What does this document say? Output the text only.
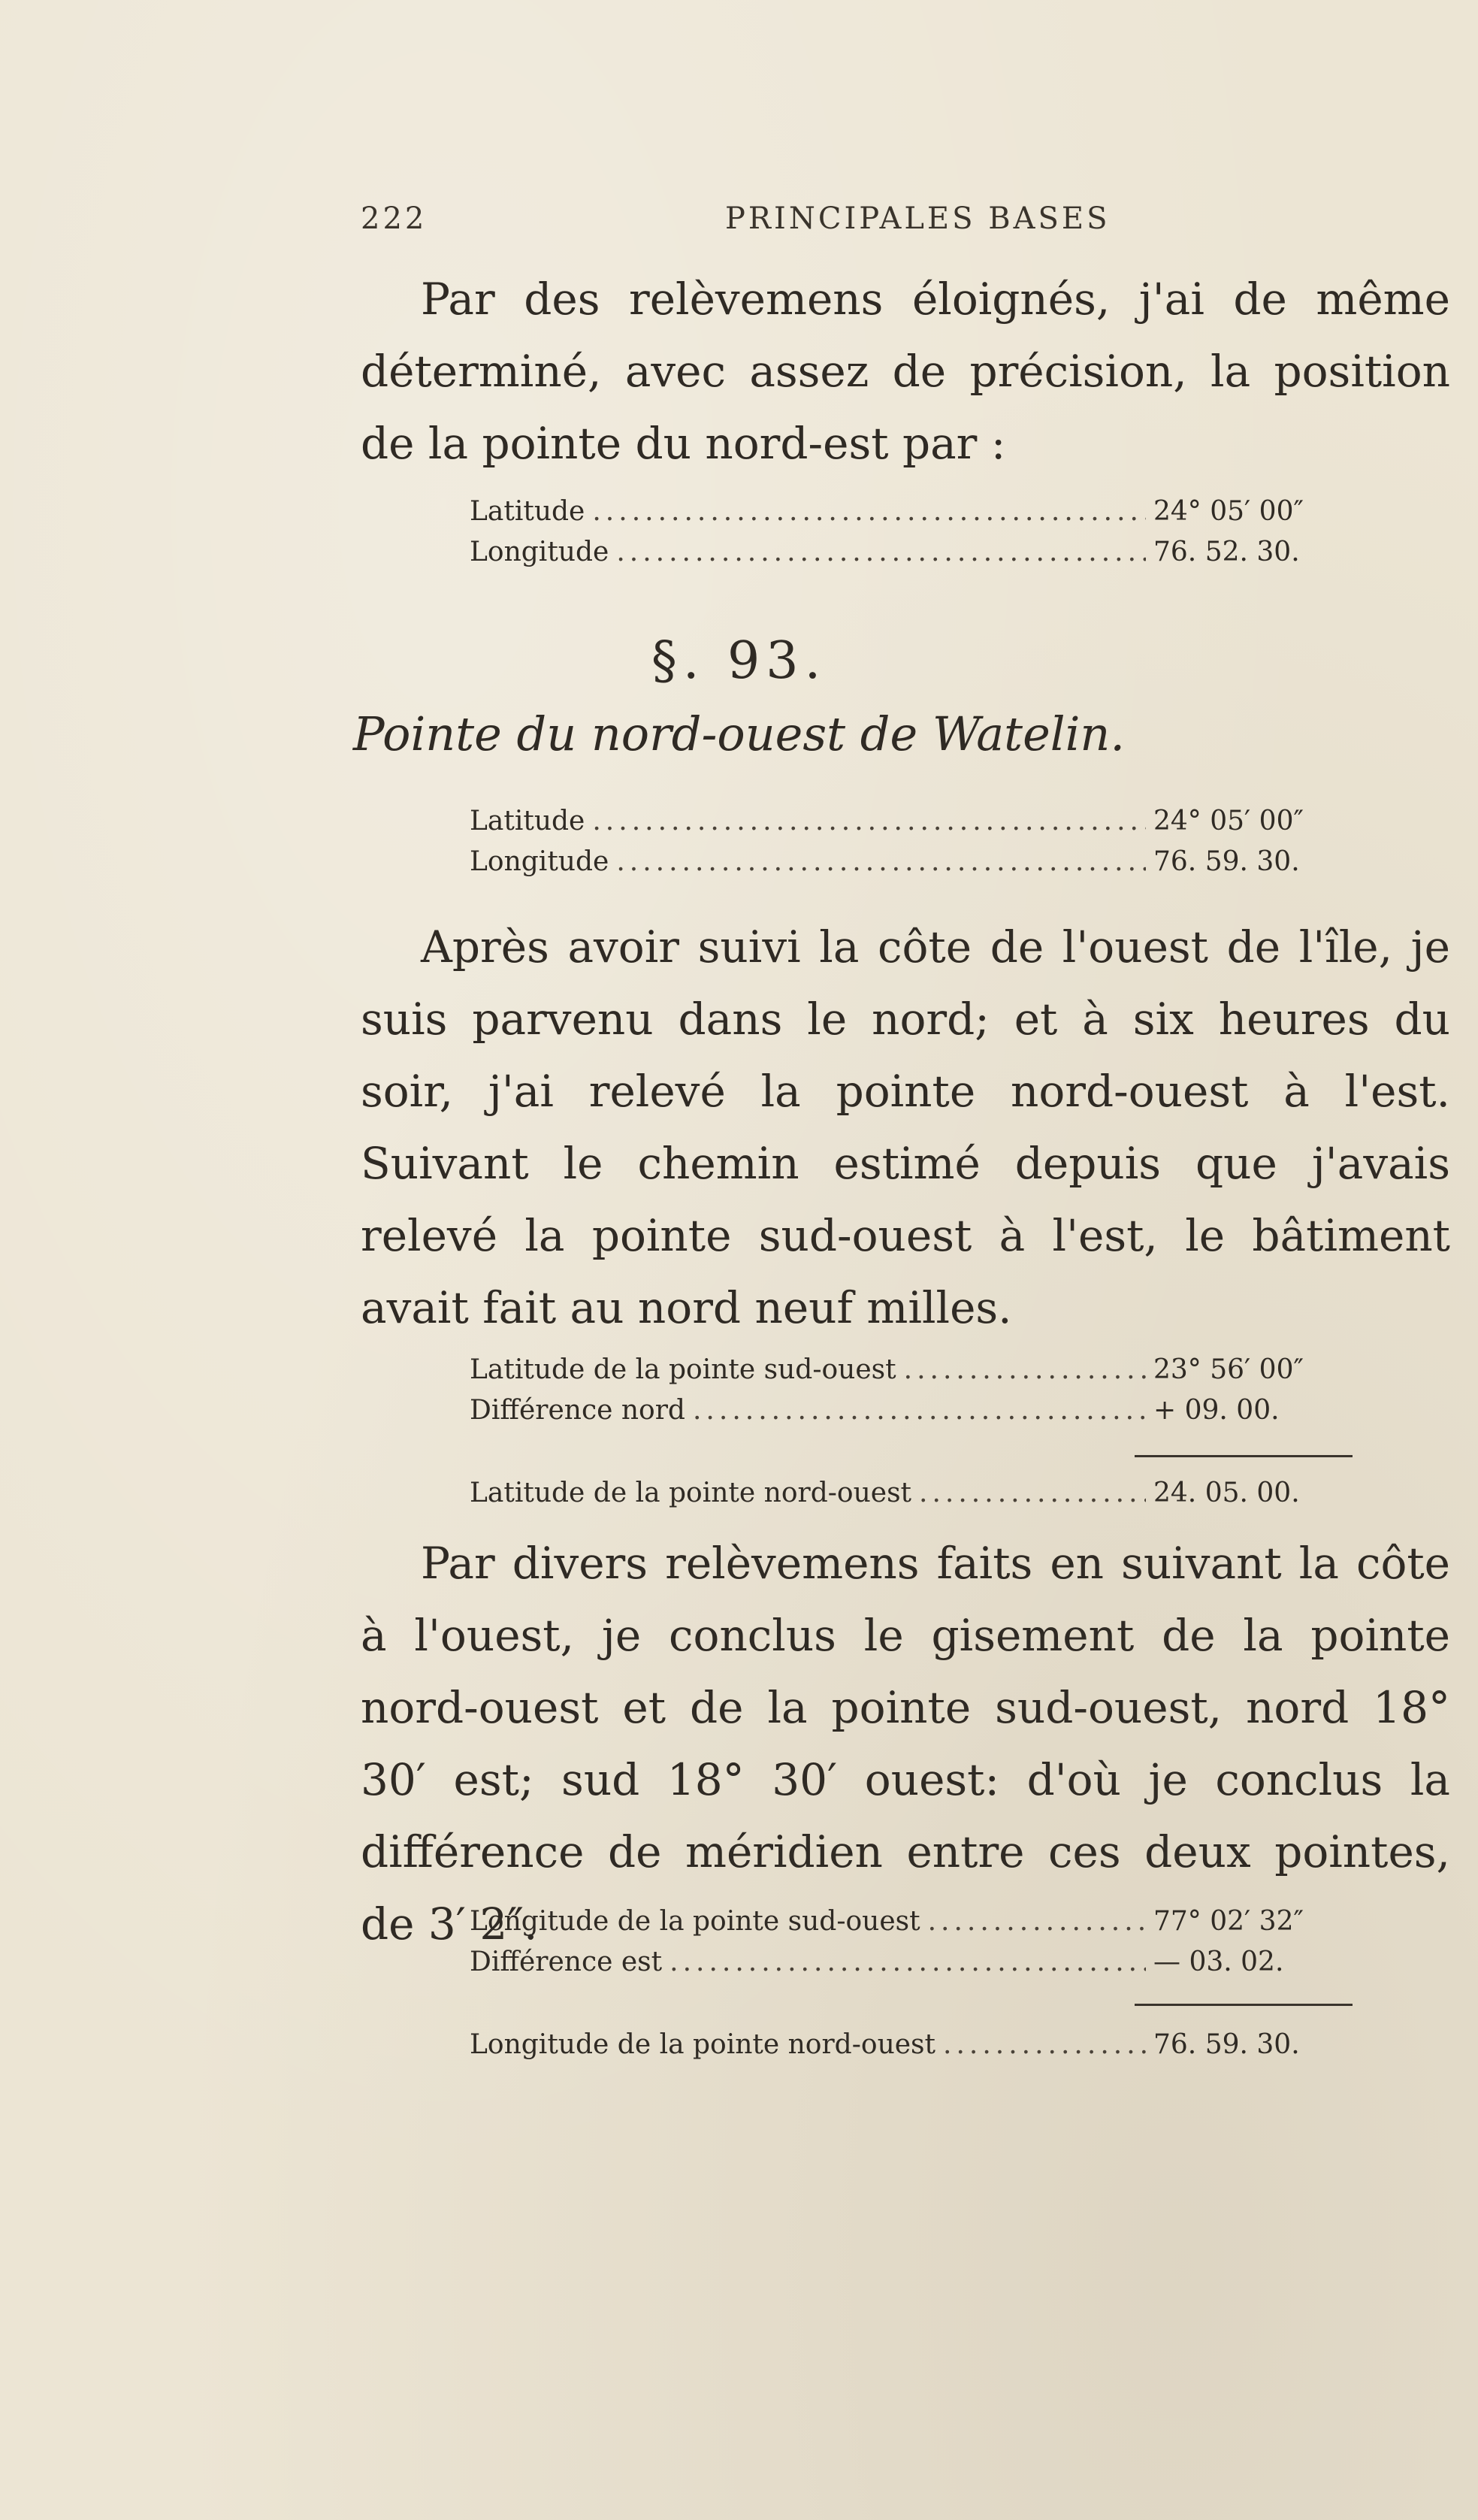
222	PRINCIPALES BASES

Par des relèvemens éloignés, j'ai de même déterminé, avec assez de précision, la position de la pointe du nord-est par :

Latitude .....	24° 05′ 00″
Longitude .....	76. 52. 30.
§. 93.
Pointe du nord-ouest de Watelin.
Latitude .....	24° 05′ 00″
Longitude .....	76. 59. 30.

Après avoir suivi la côte de l'ouest de l'île, je suis parvenu dans le nord; et à six heures du soir, j'ai relevé la pointe nord-ouest à l'est. Suivant le chemin estimé depuis que j'avais relevé la pointe sud-ouest à l'est, le bâtiment avait fait au nord neuf milles.

Latitude de la pointe sud-ouest .....	23° 56′ 00″
Différence nord .....	+ 09. 00.
Latitude de la pointe nord-ouest .....	24. 05. 00.

Par divers relèvemens faits en suivant la côte à l'ouest, je conclus le gisement de la pointe nord-ouest et de la pointe sud-ouest, nord 18° 30′ est; sud 18° 30′ ouest: d'où je conclus la différence de méridien entre ces deux pointes, de 3′ 2″.

Longitude de la pointe sud-ouest .....	77° 02′ 32″
Différence est .....	— 03. 02.
Longitude de la pointe nord-ouest .....	76. 59. 30.
